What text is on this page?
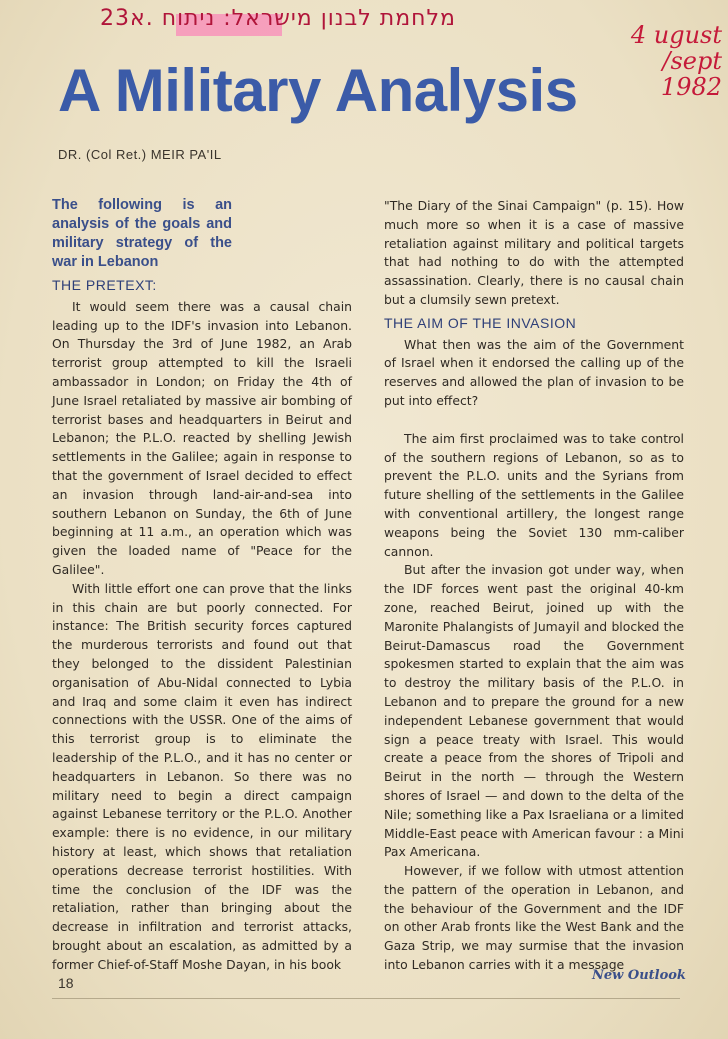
מלחמת לבנון מישראל: ניתוח .א23
4 ugust /sept
1982
A Military Analysis
DR. (Col Ret.) MEIR PA'IL

The following is an analysis of the goals and military strategy of the war in Lebanon

THE PRETEXT:

It would seem there was a causal chain leading up to the IDF's invasion into Lebanon. On Thursday the 3rd of June 1982, an Arab terrorist group attempted to kill the Israeli ambassador in London; on Friday the 4th of June Israel retaliated by massive air bombing of terrorist bases and headquarters in Beirut and Lebanon; the P.L.O. reacted by shelling Jewish settlements in the Galilee; again in response to that the government of Israel decided to effect an invasion through land-air-and-sea into southern Lebanon on Sunday, the 6th of June beginning at 11 a.m., an operation which was given the loaded name of "Peace for the Galilee".

With little effort one can prove that the links in this chain are but poorly connected. For instance: The British security forces captured the murderous terrorists and found out that they belonged to the dissident Palestinian organisation of Abu-Nidal connected to Lybia and Iraq and some claim it even has indirect connections with the USSR. One of the aims of this terrorist group is to eliminate the leadership of the P.L.O., and it has no center or headquarters in Lebanon. So there was no military need to begin a direct campaign against Lebanese territory or the P.L.O. Another example: there is no evidence, in our military history at least, which shows that retaliation operations decrease terrorist hostilities. With time the conclusion of the IDF was the retaliation, rather than bringing about the decrease in infiltration and terrorist attacks, brought about an escalation, as admitted by a former Chief-of-Staff Moshe Dayan, in his book

"The Diary of the Sinai Campaign" (p. 15). How much more so when it is a case of massive retaliation against military and political targets that had nothing to do with the attempted assassination. Clearly, there is no causal chain but a clumsily sewn pretext.

THE AIM OF THE INVASION

What then was the aim of the Government of Israel when it endorsed the calling up of the reserves and allowed the plan of invasion to be put into effect?

The aim first proclaimed was to take control of the southern regions of Lebanon, so as to prevent the P.L.O. units and the Syrians from future shelling of the settlements in the Galilee with conventional artillery, the longest range weapons being the Soviet 130 mm-caliber cannon.

But after the invasion got under way, when the IDF forces went past the original 40-km zone, reached Beirut, joined up with the Maronite Phalangists of Jumayil and blocked the Beirut-Damascus road the Government spokesmen started to explain that the aim was to destroy the military basis of the P.L.O. in Lebanon and to prepare the ground for a new independent Lebanese government that would sign a peace treaty with Israel. This would create a peace from the shores of Tripoli and Beirut in the north — through the Western shores of Israel — and down to the delta of the Nile; something like a Pax Israeliana or a limited Middle-East peace with American favour : a Mini Pax Americana.

However, if we follow with utmost attention the pattern of the operation in Lebanon, and the behaviour of the Government and the IDF on other Arab fronts like the West Bank and the Gaza Strip, we may surmise that the invasion into Lebanon carries with it a message

18	New Outlook
